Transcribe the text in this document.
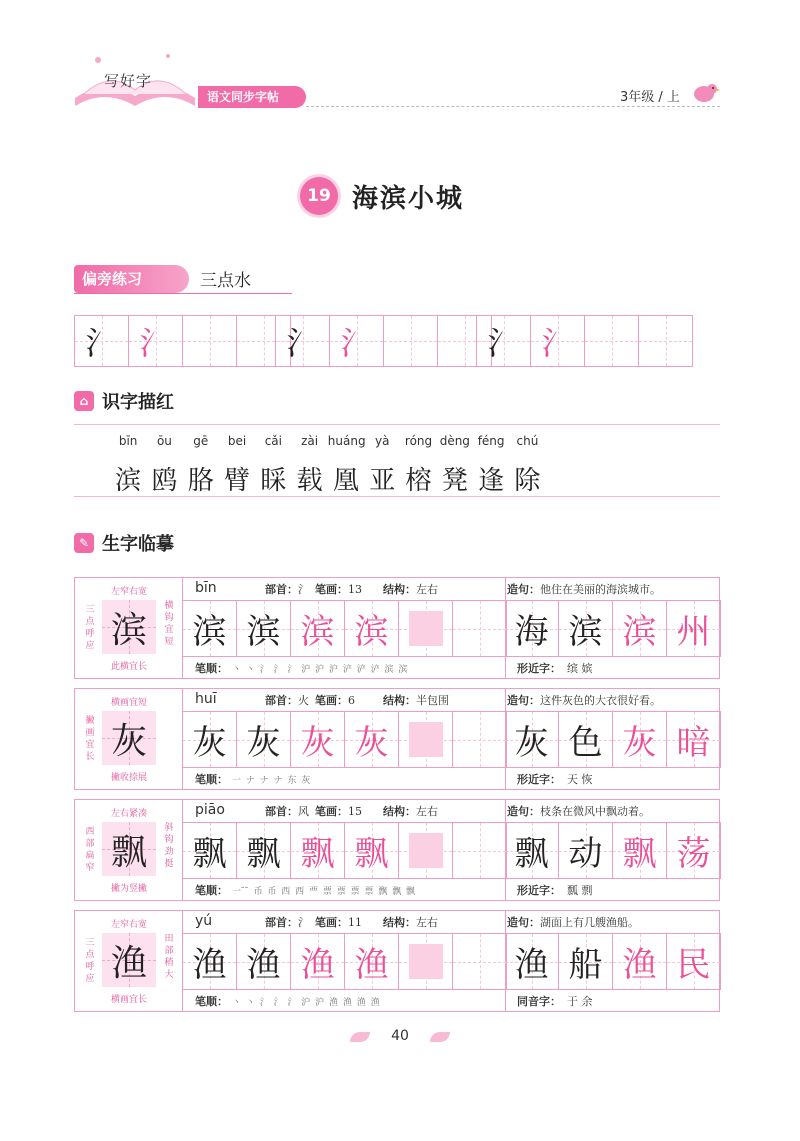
写好字
语文同步字帖	3年级 / 上
19 海滨小城
偏旁练习	三点水
氵 氵	氵 氵	氵 氵
⌂ 识字描红
bīn
滨
ōu
鸥
gē
胳
bei
臂
cǎi
睬
zài
载
huáng
凰
yà
亚
róng
榕
dèng
凳
féng
逢
chú
除
✎ 生字临摹
左窄右宽
三点呼应
横钩宜短
此横宜长
滨
bīn	部首： 氵 笔画： 13 结构： 左右	造句： 他住在美丽的海滨城市。
滨 滨 滨 滨	海 滨 滨 州
笔顺： 丶 丶 氵 氵 氵 沪 沪 沪 浐 浐 浐 滨 滨	形近字： 缤 嫔
横画宜短
撇画宜长
撇收捺展
灰
huī	部首： 火 笔画： 6	结构： 半包围	造句： 这件灰色的大衣很好看。
灰 灰 灰 灰	灰 色 灰 暗
笔顺： 一 ナ ナ ナ 东 灰	形近字： 天 恢
左右紧凑
西部扁窄
斜钩劲挺
撇为竖撇
飘
piāo	部首： 风 笔画： 15 结构： 左右	造句： 枝条在微风中飘动着。
飘 飘 飘 飘	飘 动 飘 荡
笔顺： 一 ̄ ̄ 币 币 西 西 覀 票 票 票 票 飘 飘 飘	形近字： 瓢 剽
左窄右宽
三点呼应
田部稍大
横画宜长
渔
yú	部首： 氵 笔画： 11 结构： 左右	造句： 湖面上有几艘渔船。
渔 渔 渔 渔	渔 船 渔 民
笔顺： 丶 丶 氵 氵 氵 沪 沪 渔 渔 渔 渔	同音字： 于 余
40
